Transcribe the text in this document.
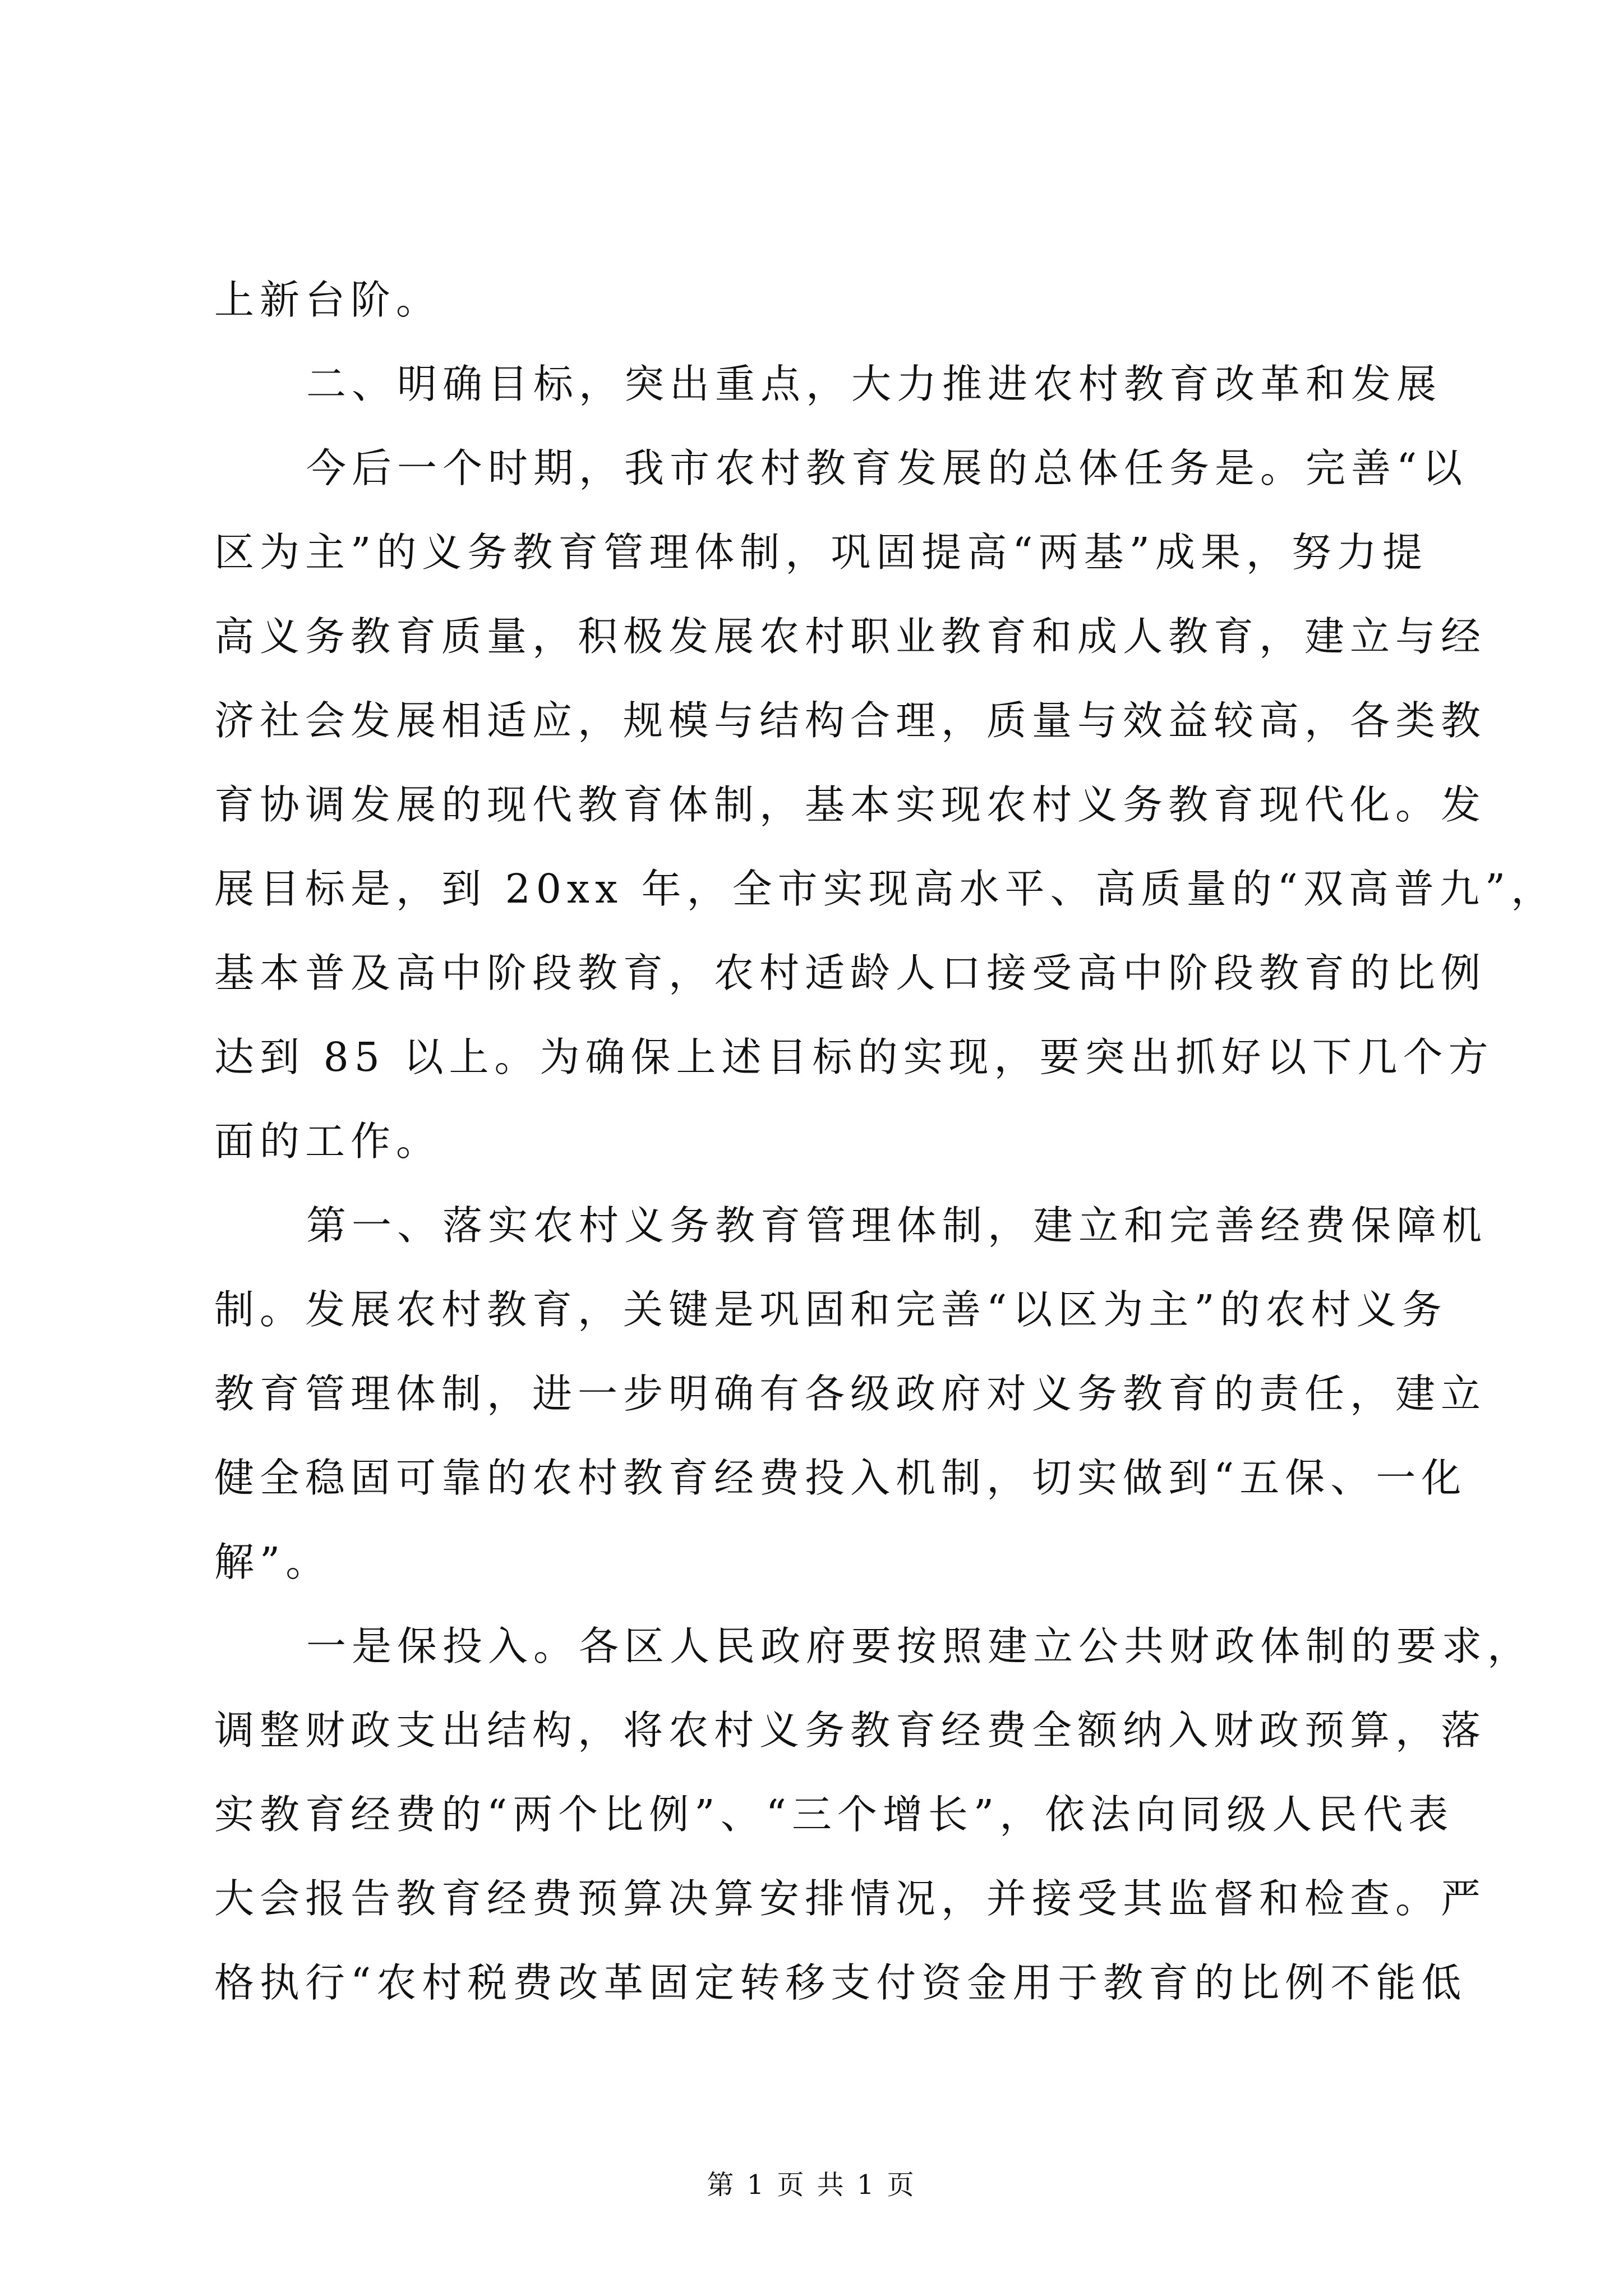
上新台阶。
二、明确目标，突出重点，大力推进农村教育改革和发展
今后一个时期，我市农村教育发展的总体任务是。完善“以
区为主”的义务教育管理体制，巩固提高“两基”成果，努力提
高义务教育质量，积极发展农村职业教育和成人教育，建立与经
济社会发展相适应，规模与结构合理，质量与效益较高，各类教
育协调发展的现代教育体制，基本实现农村义务教育现代化。发
展目标是，到 20xx 年，全市实现高水平、高质量的“双高普九”，
基本普及高中阶段教育，农村适龄人口接受高中阶段教育的比例
达到 85 以上。为确保上述目标的实现，要突出抓好以下几个方
面的工作。
第一、落实农村义务教育管理体制，建立和完善经费保障机
制。发展农村教育，关键是巩固和完善“以区为主”的农村义务
教育管理体制，进一步明确有各级政府对义务教育的责任，建立
健全稳固可靠的农村教育经费投入机制，切实做到“五保、一化
解”。
一是保投入。各区人民政府要按照建立公共财政体制的要求，
调整财政支出结构，将农村义务教育经费全额纳入财政预算，落
实教育经费的“两个比例”、“三个增长”，依法向同级人民代表
大会报告教育经费预算决算安排情况，并接受其监督和检查。严
格执行“农村税费改革固定转移支付资金用于教育的比例不能低
第 1 页 共 1 页
